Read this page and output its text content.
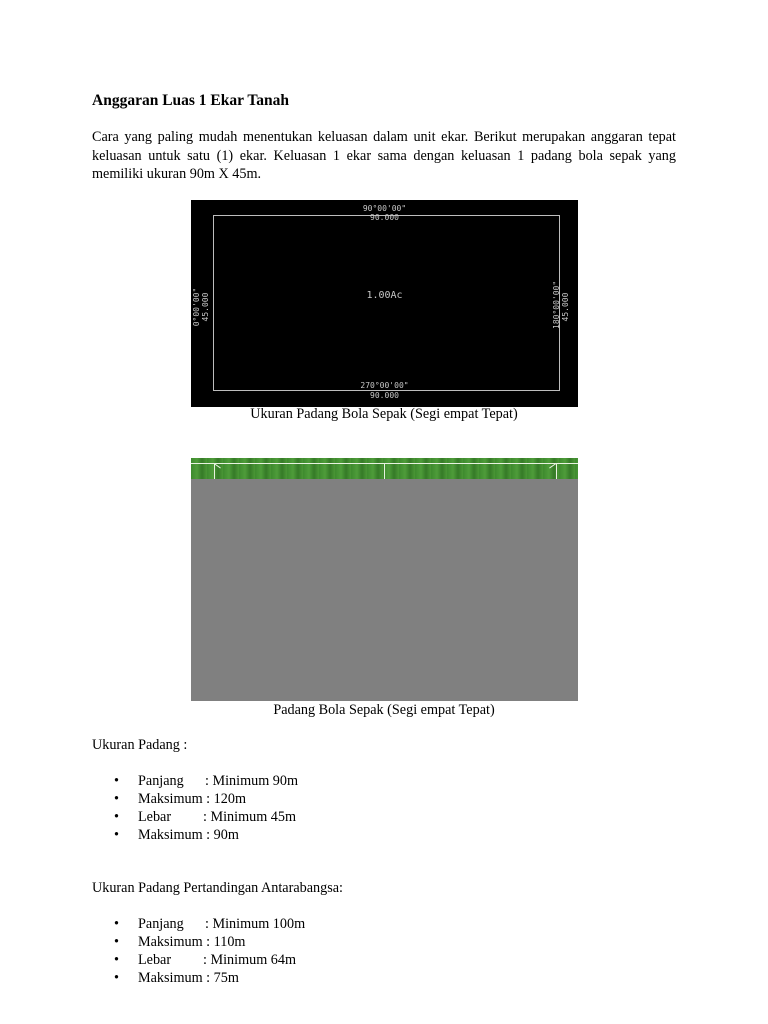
Anggaran Luas 1 Ekar Tanah
Cara yang paling mudah menentukan keluasan dalam unit ekar. Berikut merupakan anggaran tepat keluasan untuk satu (1) ekar. Keluasan 1 ekar sama dengan keluasan 1 padang bola sepak yang memiliki ukuran 90m X 45m.
90°00'00"
90.000
1.00Ac
270°00'00"
90.000
0°00'00" 45.000	180°00'00" 45.000
Ukuran Padang Bola Sepak (Segi empat Tepat)
Padang Bola Sepak (Segi empat Tepat)
Ukuran Padang :
• Panjang      : Minimum 90m
• Maksimum : 120m
• Lebar         : Minimum 45m
• Maksimum : 90m
Ukuran Padang Pertandingan Antarabangsa:
• Panjang      : Minimum 100m
• Maksimum : 110m
• Lebar         : Minimum 64m
• Maksimum : 75m
